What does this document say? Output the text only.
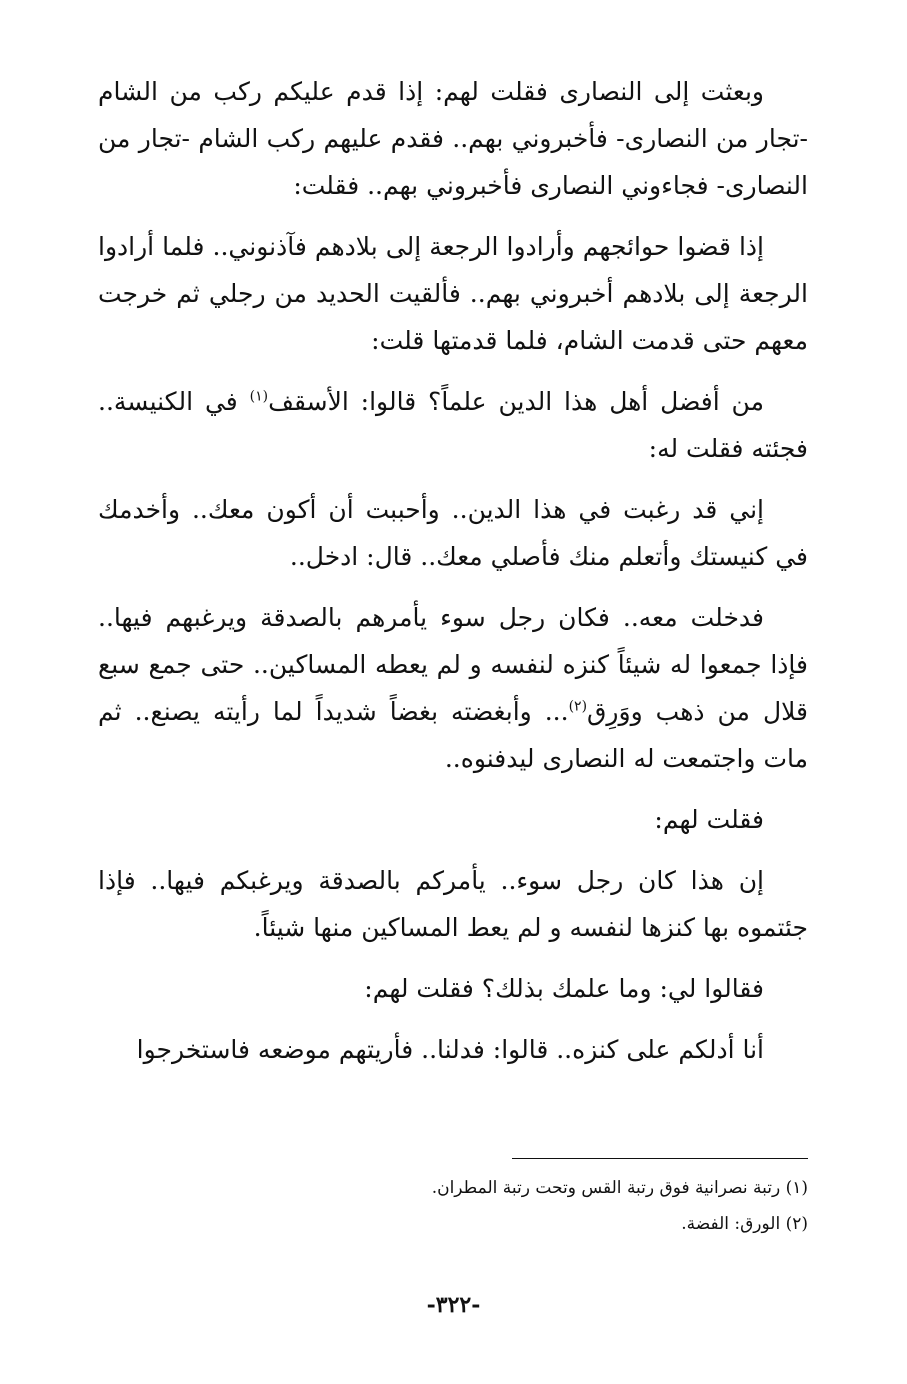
وبعثت إلى النصارى فقلت لهم: إذا قدم عليكم ركب من الشام -تجار من النصارى- فأخبروني بهم.. فقدم عليهم ركب الشام -تجار من النصارى- فجاءوني النصارى فأخبروني بهم.. فقلت:

إذا قضوا حوائجهم وأرادوا الرجعة إلى بلادهم فآذنوني.. فلما أرادوا الرجعة إلى بلادهم أخبروني بهم.. فألقيت الحديد من رجلي ثم خرجت معهم حتى قدمت الشام، فلما قدمتها قلت:

من أفضل أهل هذا الدين علماً؟ قالوا: الأسقف$^{(١)}$ في الكنيسة.. فجئته فقلت له:

إني قد رغبت في هذا الدين.. وأحببت أن أكون معك.. وأخدمك في كنيستك وأتعلم منك فأصلي معك.. قال: ادخل..

فدخلت معه.. فكان رجل سوء يأمرهم بالصدقة ويرغبهم فيها.. فإذا جمعوا له شيئاً كنزه لنفسه و لم يعطه المساكين.. حتى جمع سبع قلال من ذهب ووَرِق$^{(٢)}$... وأبغضته بغضاً شديداً لما رأيته يصنع.. ثم مات واجتمعت له النصارى ليدفنوه..

فقلت لهم:

إن هذا كان رجل سوء.. يأمركم بالصدقة ويرغبكم فيها.. فإذا جئتموه بها كنزها لنفسه و لم يعط المساكين منها شيئاً.

فقالوا لي: وما علمك بذلك؟ فقلت لهم:

أنا أدلكم على كنزه.. قالوا: فدلنا.. فأريتهم موضعه فاستخرجوا

(١) رتبة نصرانية فوق رتبة القس وتحت رتبة المطران.

(٢) الورق: الفضة.

-٣٢٢-
